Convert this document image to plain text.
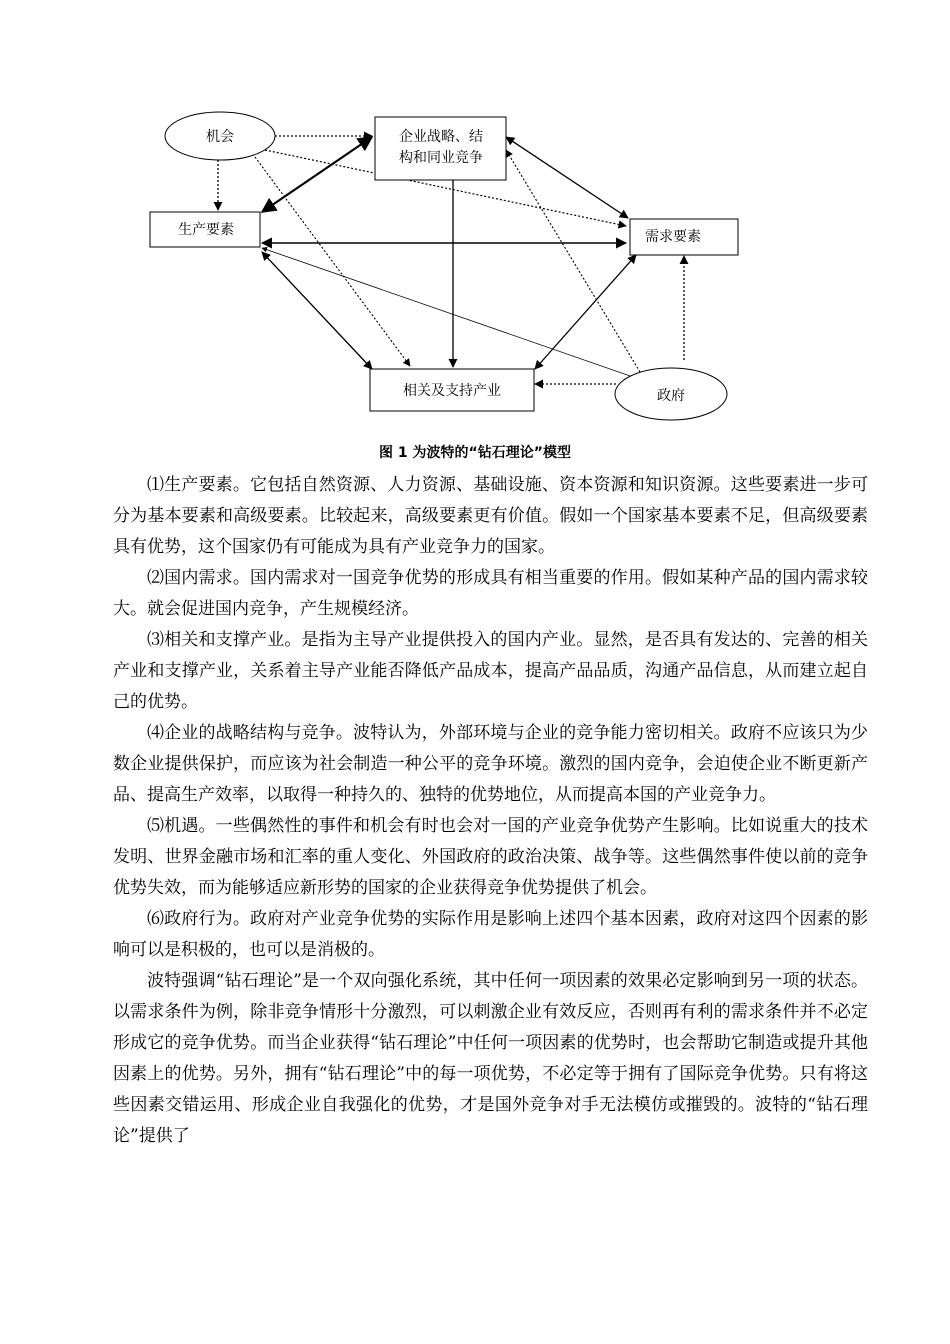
机会	企业战略、结
构和同业竞争
生产要素	需求要素
相关及支持产业	政府
图 1 为波特的“钻石理论”模型

⑴生产要素。它包括自然资源、人力资源、基础设施、资本资源和知识资源。这些要素进一步可分为基本要素和高级要素。比较起来，高级要素更有价值。假如一个国家基本要素不足，但高级要素具有优势，这个国家仍有可能成为具有产业竞争力的国家。

⑵国内需求。国内需求对一国竞争优势的形成具有相当重要的作用。假如某种产品的国内需求较大。就会促进国内竞争，产生规模经济。

⑶相关和支撑产业。是指为主导产业提供投入的国内产业。显然，是否具有发达的、完善的相关产业和支撑产业，关系着主导产业能否降低产品成本，提高产品品质，沟通产品信息，从而建立起自己的优势。

⑷企业的战略结构与竞争。波特认为，外部环境与企业的竞争能力密切相关。政府不应该只为少数企业提供保护，而应该为社会制造一种公平的竞争环境。激烈的国内竞争，会迫使企业不断更新产品、提高生产效率，以取得一种持久的、独特的优势地位，从而提高本国的产业竞争力。

⑸机遇。一些偶然性的事件和机会有时也会对一国的产业竞争优势产生影响。比如说重大的技术发明、世界金融市场和汇率的重人变化、外国政府的政治决策、战争等。这些偶然事件使以前的竞争优势失效，而为能够适应新形势的国家的企业获得竞争优势提供了机会。

⑹政府行为。政府对产业竞争优势的实际作用是影响上述四个基本因素，政府对这四个因素的影响可以是积极的，也可以是消极的。

波特强调“钻石理论”是一个双向强化系统，其中任何一项因素的效果必定影响到另一项的状态。以需求条件为例，除非竞争情形十分激烈，可以刺激企业有效反应，否则再有利的需求条件并不必定形成它的竞争优势。而当企业获得“钻石理论”中任何一项因素的优势时，也会帮助它制造或提升其他因素上的优势。另外，拥有“钻石理论”中的每一项优势，不必定等于拥有了国际竞争优势。只有将这些因素交错运用、形成企业自我强化的优势，才是国外竞争对手无法模仿或摧毁的。波特的“钻石理论”提供了
